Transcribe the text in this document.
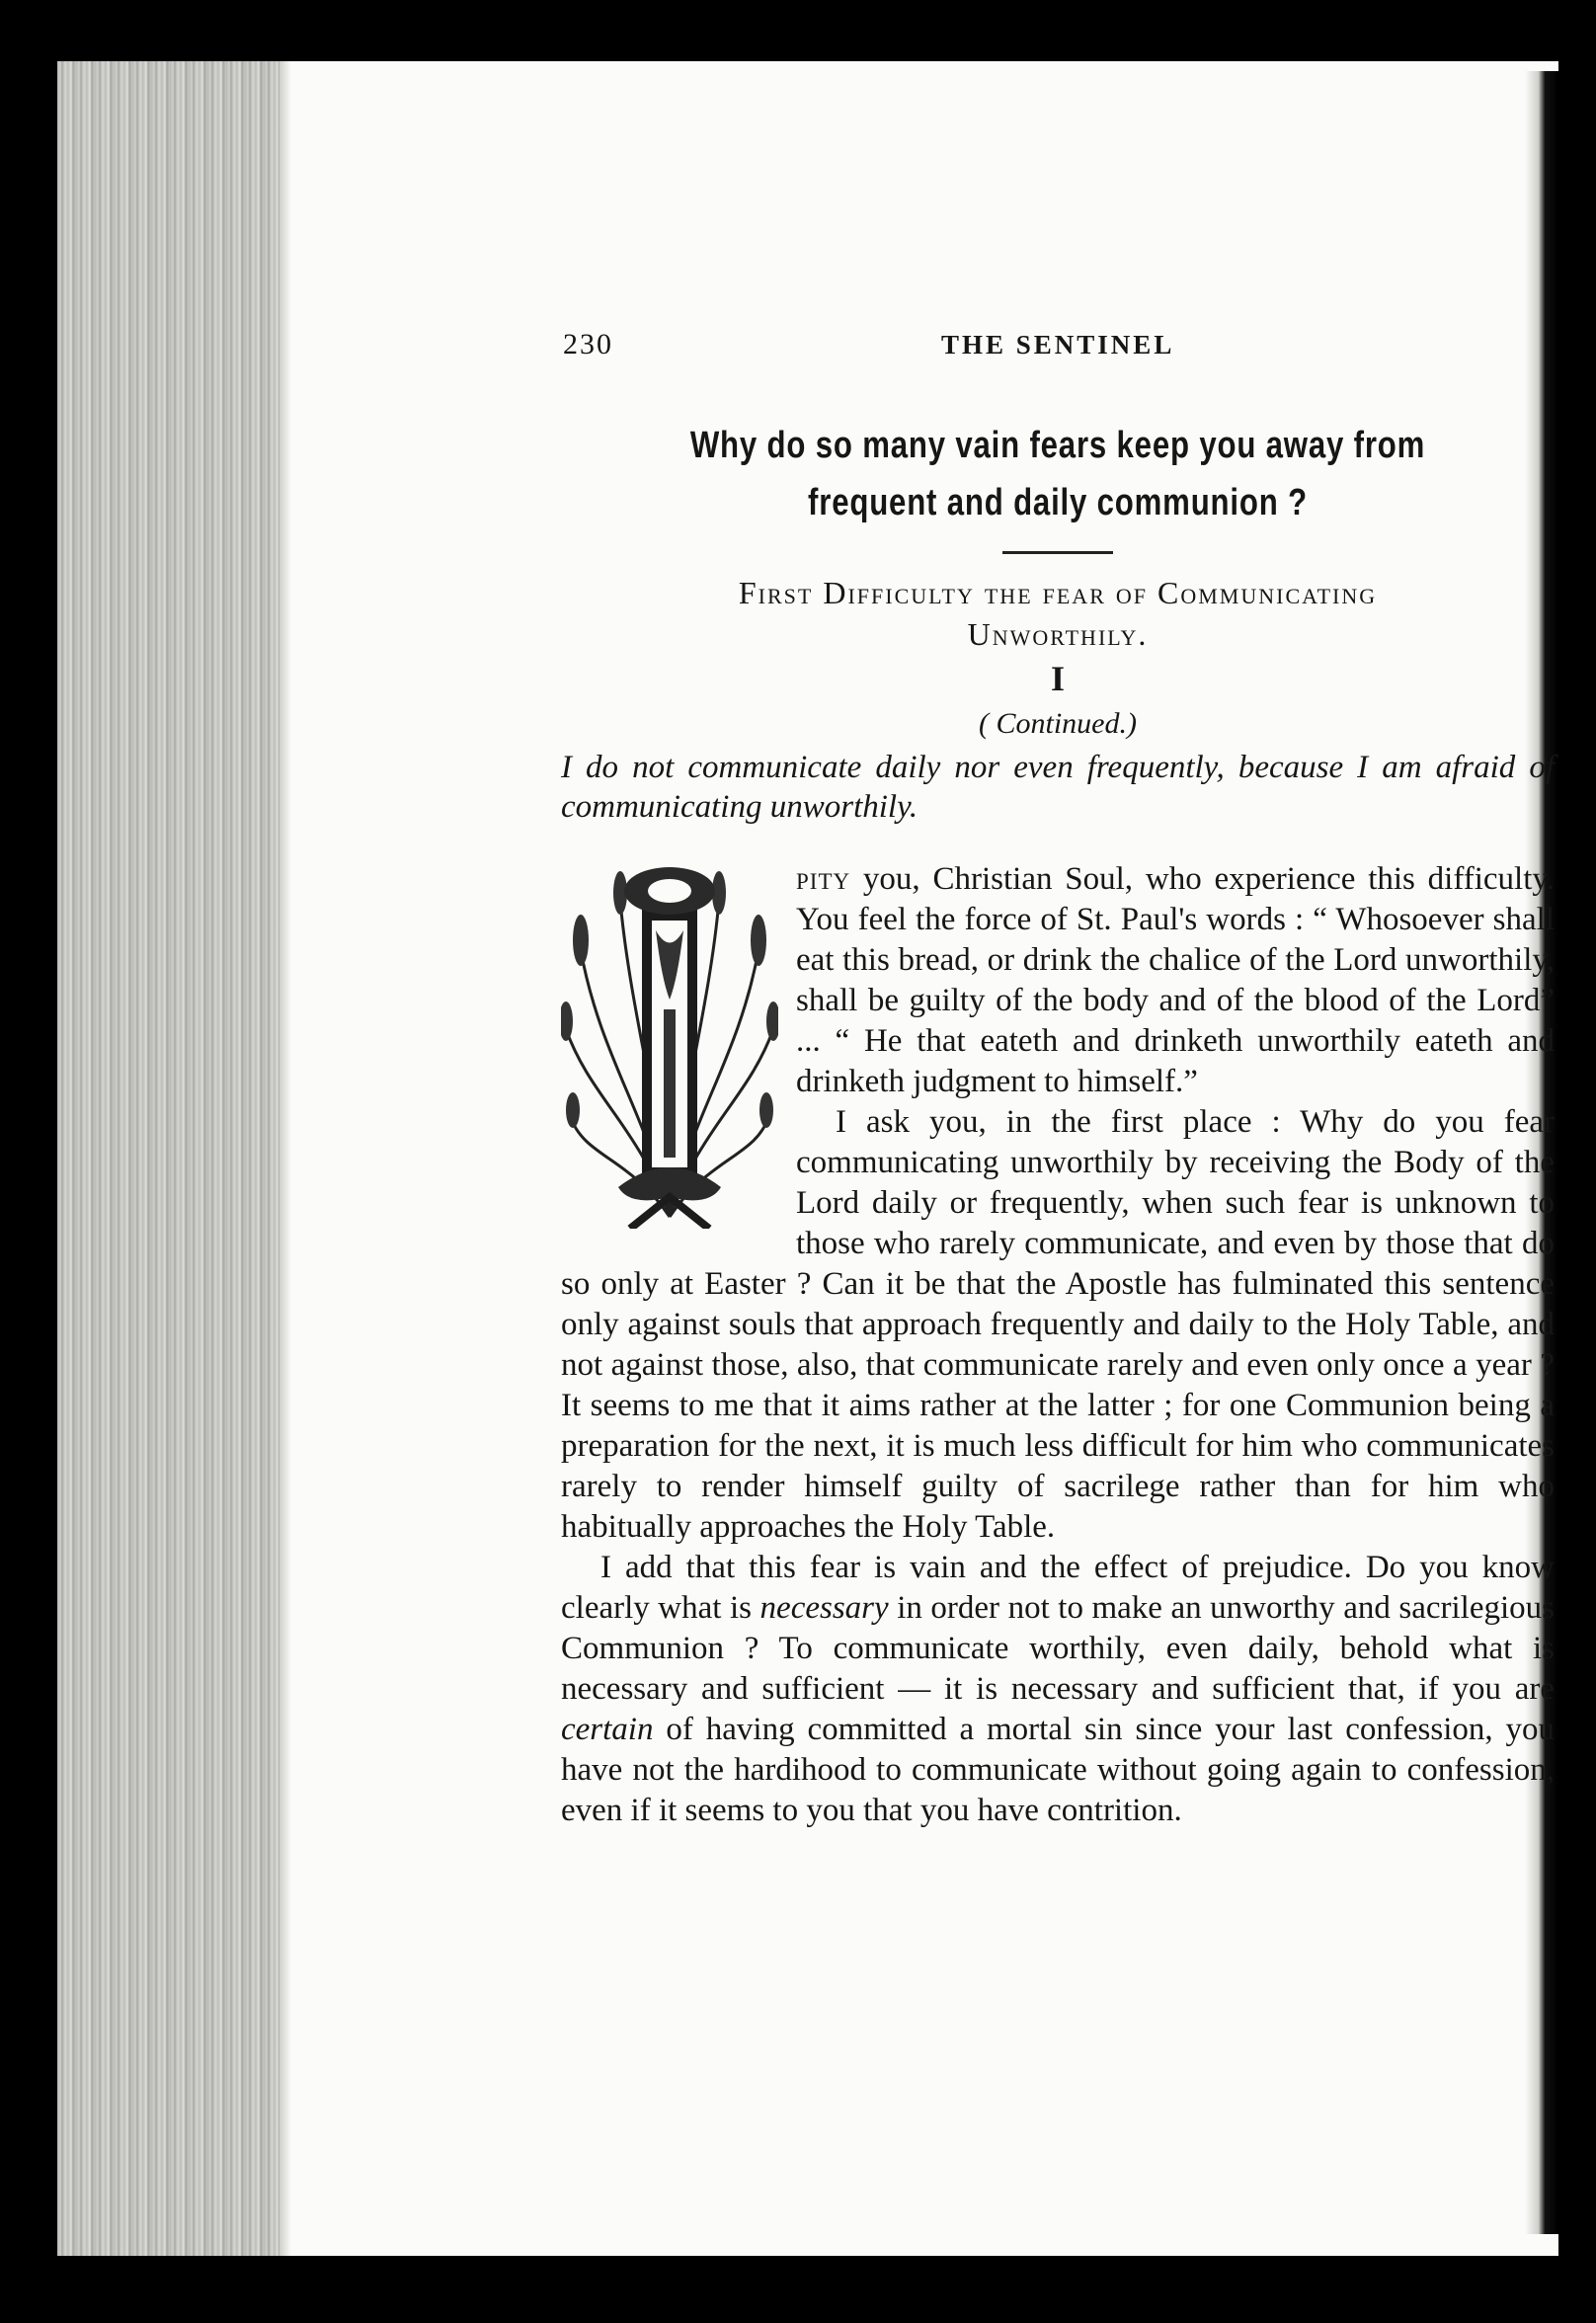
230	THE SENTINEL
Why do so many vain fears keep you away from
frequent and daily communion ?
First Difficulty the fear of Communicating
Unworthily.
I
( Continued.)

I do not communicate daily nor even frequently, because I am afraid of communicating unworthily.

pity you, Christian Soul, who experience this difficulty. You feel the force of St. Paul's words : “ Whosoever shall eat this bread, or drink the chalice of the Lord unworthily, shall be guilty of the body and of the blood of the Lord” ... “ He that eateth and drinketh unworthily eateth and drinketh judgment to himself.”

I ask you, in the first place : Why do you fear communicating unworthily by receiving the Body of the Lord daily or frequently, when such fear is unknown to those who rarely communicate, and even by those that do so only at Easter ? Can it be that the Apostle has fulminated this sentence only against souls that approach frequently and daily to the Holy Table, and not against those, also, that communicate rarely and even only once a year ? It seems to me that it aims rather at the latter ; for one Communion being a preparation for the next, it is much less difficult for him who communicates rarely to render himself guilty of sacrilege rather than for him who habitually approaches the Holy Table.

I add that this fear is vain and the effect of prejudice. Do you know clearly what is necessary in order not to make an unworthy and sacrilegious Communion ? To communicate worthily, even daily, behold what is necessary and sufficient — it is necessary and sufficient that, if you are certain of having committed a mortal sin since your last confession, you have not the hardihood to communicate without going again to confession, even if it seems to you that you have contrition.
